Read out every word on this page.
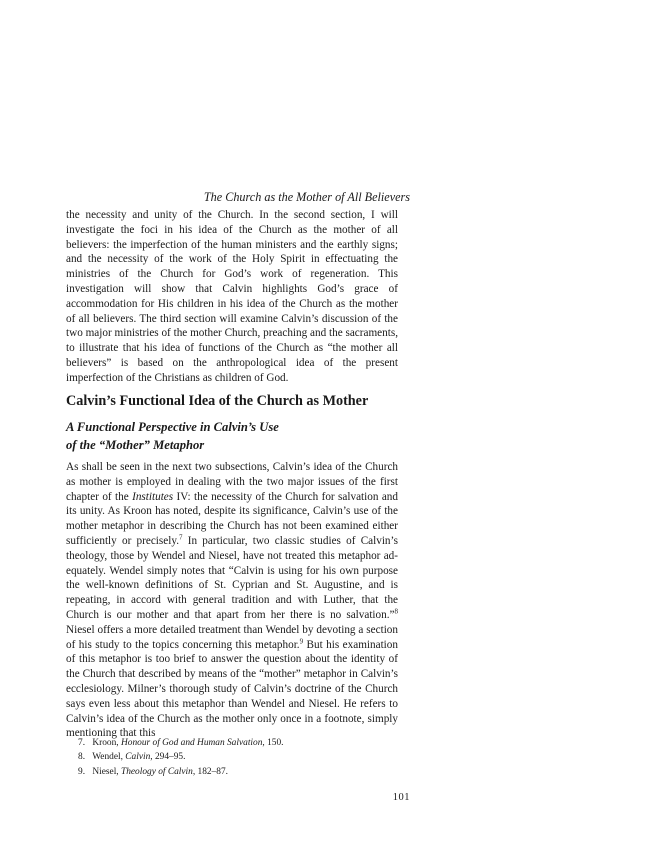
The Church as the Mother of All Believers

the necessity and unity of the Church. In the second section, I will investigate the foci in his idea of the Church as the mother of all believers: the imperfection of the human ministers and the earthly signs; and the necessity of the work of the Holy Spirit in effectuating the ministries of the Church for God’s work of regeneration. This investigation will show that Calvin highlights God’s grace of accommodation for His children in his idea of the Church as the mother of all believers. The third section will examine Calvin’s discussion of the two major ministries of the mother Church, preaching and the sacraments, to illustrate that his idea of functions of the Church as “the mother all believers” is based on the anthropological idea of the present imperfection of the Christians as children of God.

Calvin’s Functional Idea of the Church as Mother
A Functional Perspective in Calvin’s Use
of the “Mother” Metaphor

As shall be seen in the next two subsections, Calvin’s idea of the Church as mother is employed in dealing with the two major issues of the first chapter of the Institutes IV: the necessity of the Church for salvation and its unity. As Kroon has noted, despite its significance, Calvin’s use of the mother metaphor in describing the Church has not been examined either sufficiently or precisely.$^7$ In particular, two classic studies of Calvin’s theology, those by Wendel and Niesel, have not treated this metaphor adequately. Wendel simply notes that “Calvin is using for his own purpose the well-known definitions of St. Cyprian and St. Augustine, and is repeating, in accord with general tradition and with Luther, that the Church is our mother and that apart from her there is no salvation.”$^8$ Niesel offers a more detailed treatment than Wendel by devoting a section of his study to the topics concerning this metaphor.$^9$ But his examination of this metaphor is too brief to answer the question about the identity of the Church that described by means of the “mother” metaphor in Calvin’s ecclesiology. Milner’s thorough study of Calvin’s doctrine of the Church says even less about this metaphor than Wendel and Niesel. He refers to Calvin’s idea of the Church as the mother only once in a footnote, simply mentioning that this

7. Kroon, Honour of God and Human Salvation, 150.

8. Wendel, Calvin, 294–95.

9. Niesel, Theology of Calvin, 182–87.

101
